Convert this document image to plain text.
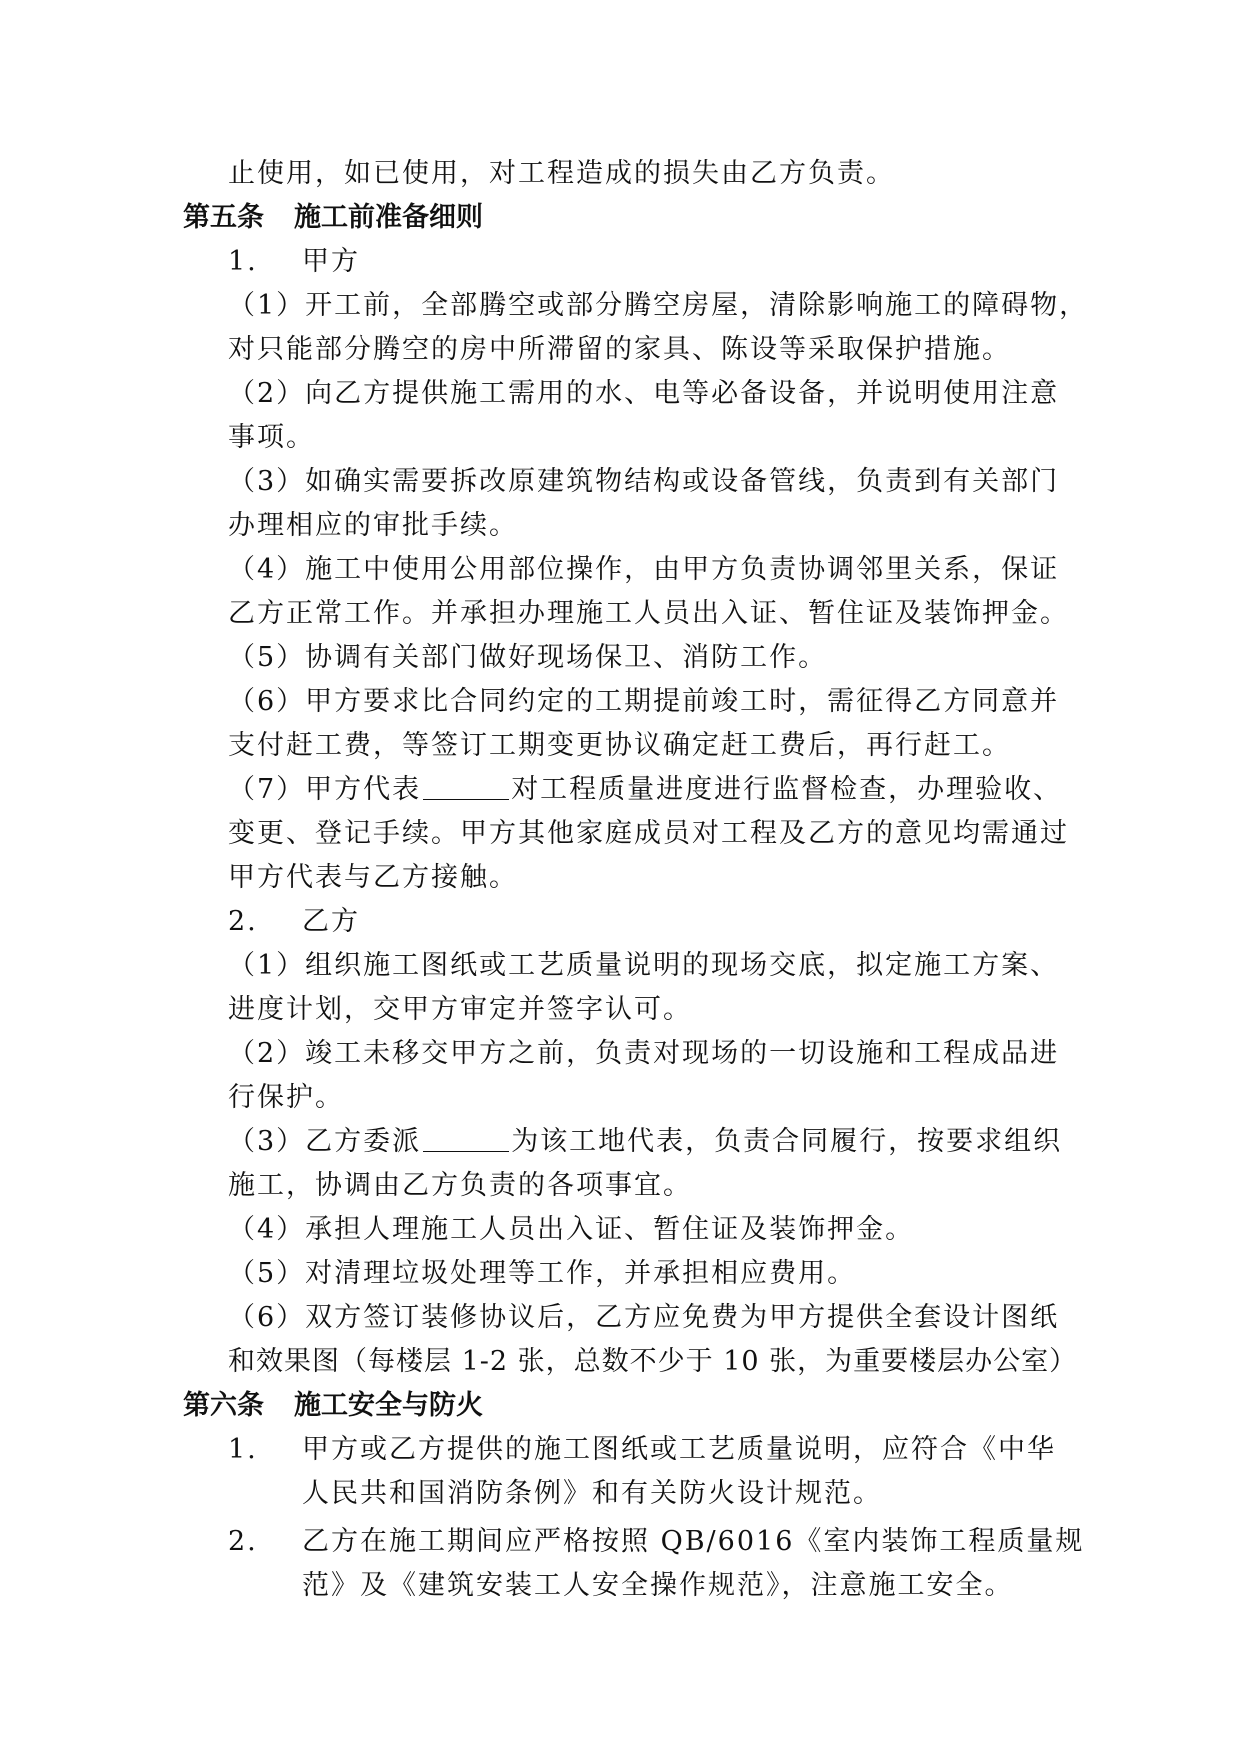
止使用，如已使用，对工程造成的损失由乙方负责。
第五条 施工前准备细则
1. 甲方
（1）开工前，全部腾空或部分腾空房屋，清除影响施工的障碍物，
对只能部分腾空的房中所滞留的家具、陈设等采取保护措施。
（2）向乙方提供施工需用的水、电等必备设备，并说明使用注意
事项。
（3）如确实需要拆改原建筑物结构或设备管线，负责到有关部门
办理相应的审批手续。
（4）施工中使用公用部位操作，由甲方负责协调邻里关系，保证
乙方正常工作。并承担办理施工人员出入证、暂住证及装饰押金。
（5）协调有关部门做好现场保卫、消防工作。
（6）甲方要求比合同约定的工期提前竣工时，需征得乙方同意并
支付赶工费，等签订工期变更协议确定赶工费后，再行赶工。
（7）甲方代表	对工程质量进度进行监督检查，办理验收、
变更、登记手续。甲方其他家庭成员对工程及乙方的意见均需通过
甲方代表与乙方接触。
2. 乙方
（1）组织施工图纸或工艺质量说明的现场交底，拟定施工方案、
进度计划，交甲方审定并签字认可。
（2）竣工未移交甲方之前，负责对现场的一切设施和工程成品进
行保护。
（3）乙方委派	为该工地代表，负责合同履行，按要求组织
施工，协调由乙方负责的各项事宜。
（4）承担人理施工人员出入证、暂住证及装饰押金。
（5）对清理垃圾处理等工作，并承担相应费用。
（6）双方签订装修协议后，乙方应免费为甲方提供全套设计图纸
和效果图（每楼层 1-2 张，总数不少于 10 张，为重要楼层办公室）
第六条 施工安全与防火
1. 甲方或乙方提供的施工图纸或工艺质量说明，应符合《中华
人民共和国消防条例》和有关防火设计规范。
2. 乙方在施工期间应严格按照 QB/6016《室内装饰工程质量规
范》及《建筑安装工人安全操作规范》，注意施工安全。
